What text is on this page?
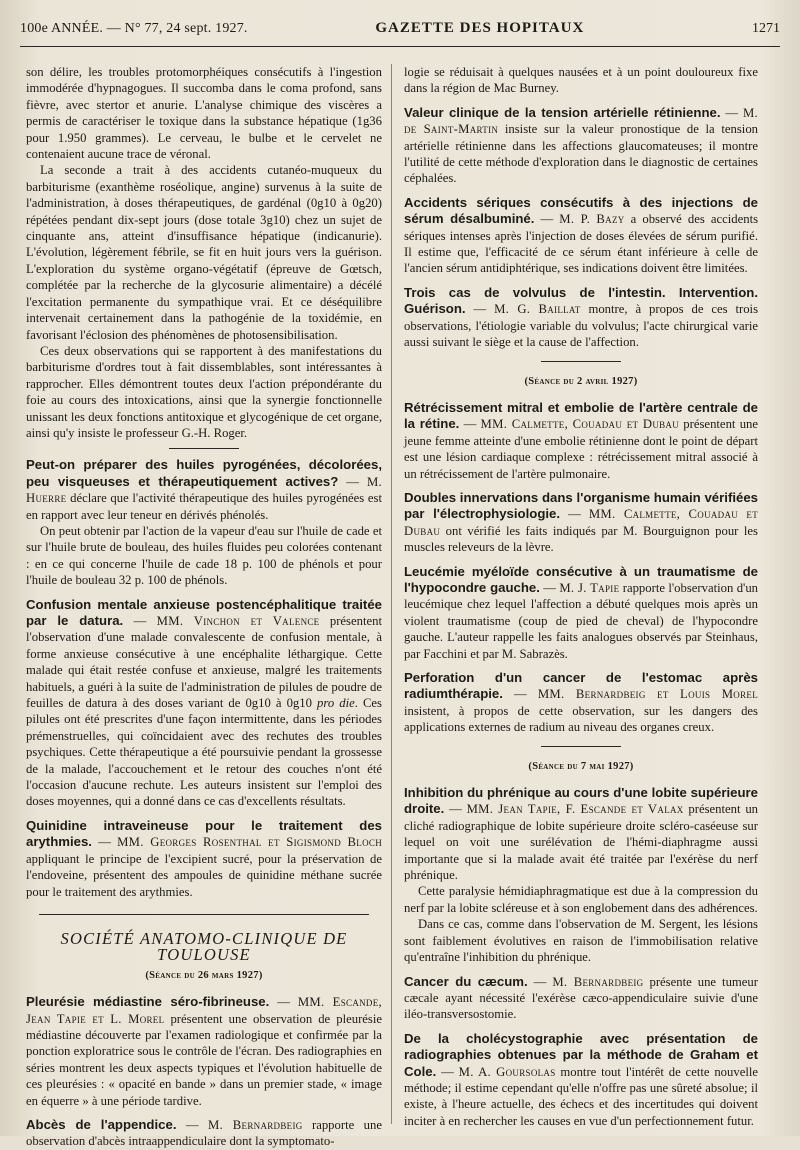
100e ANNÉE. — N° 77, 24 sept. 1927.	GAZETTE DES HOPITAUX	1271

son délire, les troubles protomorphéiques consécutifs à l'ingestion immodérée d'hypnagogues. Il succomba dans le coma profond, sans fièvre, avec stertor et anurie. L'analyse chimique des viscères a permis de caractériser le toxique dans la substance hépatique (1g36 pour 1.950 grammes). Le cerveau, le bulbe et le cervelet ne contenaient aucune trace de véronal.

La seconde a trait à des accidents cutanéo-muqueux du barbiturisme (exanthème roséolique, angine) survenus à la suite de l'administration, à doses thérapeutiques, de gardénal (0g10 à 0g20) répétées pendant dix-sept jours (dose totale 3g10) chez un sujet de cinquante ans, atteint d'insuffisance hépatique (indicanurie). L'évolution, légèrement fébrile, se fit en huit jours vers la guérison. L'exploration du système organo-végétatif (épreuve de Gœtsch, complétée par la recherche de la glycosurie alimentaire) a décélé l'excitation permanente du sympathique vrai. Et ce déséquilibre intervenait certainement dans la pathogénie de la toxidémie, en favorisant l'éclosion des phénomènes de photosensibilisation.

Ces deux observations qui se rapportent à des manifestations du barbiturisme d'ordres tout à fait dissemblables, sont intéressantes à rapprocher. Elles démontrent toutes deux l'action prépondérante du foie au cours des intoxications, ainsi que la synergie fonctionnelle unissant les deux fonctions antitoxique et glycogénique de cet organe, ainsi qu'y insiste le professeur G.-H. Roger.

Peut-on préparer des huiles pyrogénées, décolorées, peu visqueuses et thérapeutiquement actives? — M. Huerre déclare que l'activité thérapeutique des huiles pyrogénées est en rapport avec leur teneur en dérivés phénolés.

On peut obtenir par l'action de la vapeur d'eau sur l'huile de cade et sur l'huile brute de bouleau, des huiles fluides peu colorées contenant : en ce qui concerne l'huile de cade 18 p. 100 de phénols et pour l'huile de bouleau 32 p. 100 de phénols.

Confusion mentale anxieuse postencéphalitique traitée par le datura. — MM. Vinchon et Valence présentent l'observation d'une malade convalescente de confusion mentale, à forme anxieuse consécutive à une encéphalite léthargique. Cette malade qui était restée confuse et anxieuse, malgré les traitements habituels, a guéri à la suite de l'administration de pilules de poudre de feuilles de datura à des doses variant de 0g10 à 0g10 pro die. Ces pilules ont été prescrites d'une façon intermittente, dans les périodes prémenstruelles, qui coïncidaient avec des rechutes des troubles psychiques. Cette thérapeutique a été poursuivie pendant la grossesse de la malade, l'accouchement et le retour des couches n'ont été l'occasion d'aucune rechute. Les auteurs insistent sur l'emploi des doses moyennes, qui a donné dans ce cas d'excellents résultats.

Quinidine intraveineuse pour le traitement des arythmies. — MM. Georges Rosenthal et Sigismond Bloch appliquant le principe de l'excipient sucré, pour la préservation de l'endoveine, présentent des ampoules de quinidine méthane sucrée pour le traitement des arythmies.

SOCIÉTÉ ANATOMO-CLINIQUE DE TOULOUSE
(Séance du 26 mars 1927)

Pleurésie médiastine séro-fibrineuse. — MM. Escande, Jean Tapie et L. Morel présentent une observation de pleurésie médiastine découverte par l'examen radiologique et confirmée par la ponction exploratrice sous le contrôle de l'écran. Des radiographies en séries montrent les deux aspects typiques et l'évolution habituelle de ces pleurésies : « opacité en bande » dans un premier stade, « image en équerre » à une période tardive.

Abcès de l'appendice. — M. Bernardbeig rapporte une observation d'abcès intraappendiculaire dont la symptomato-

logie se réduisait à quelques nausées et à un point douloureux fixe dans la région de Mac Burney.

Valeur clinique de la tension artérielle rétinienne. — M. de Saint-Martin insiste sur la valeur pronostique de la tension artérielle rétinienne dans les affections glaucomateuses; il montre l'utilité de cette méthode d'exploration dans le diagnostic de certaines céphalées.

Accidents sériques consécutifs à des injections de sérum désalbuminé. — M. P. Bazy a observé des accidents sériques intenses après l'injection de doses élevées de sérum purifié. Il estime que, l'efficacité de ce sérum étant inférieure à celle de l'ancien sérum antidiphtérique, ses indications doivent être limitées.

Trois cas de volvulus de l'intestin. Intervention. Guérison. — M. G. Baillat montre, à propos de ces trois observations, l'étiologie variable du volvulus; l'acte chirurgical varie aussi suivant le siège et la cause de l'affection.

(Séance du 2 avril 1927)

Rétrécissement mitral et embolie de l'artère centrale de la rétine. — MM. Calmette, Couadau et Dubau présentent une jeune femme atteinte d'une embolie rétinienne dont le point de départ est une lésion cardiaque complexe : rétrécissement mitral associé à un rétrécissement de l'artère pulmonaire.

Doubles innervations dans l'organisme humain vérifiées par l'électrophysiologie. — MM. Calmette, Couadau et Dubau ont vérifié les faits indiqués par M. Bourguignon pour les muscles releveurs de la lèvre.

Leucémie myéloïde consécutive à un traumatisme de l'hypocondre gauche. — M. J. Tapie rapporte l'observation d'un leucémique chez lequel l'affection a débuté quelques mois après un violent traumatisme (coup de pied de cheval) de l'hypocondre gauche. L'auteur rappelle les faits analogues observés par Steinhaus, par Facchini et par M. Sabrazès.

Perforation d'un cancer de l'estomac après radiumthérapie. — MM. Bernardbeig et Louis Morel insistent, à propos de cette observation, sur les dangers des applications externes de radium au niveau des organes creux.

(Séance du 7 mai 1927)

Inhibition du phrénique au cours d'une lobite supérieure droite. — MM. Jean Tapie, F. Escande et Valax présentent un cliché radiographique de lobite supérieure droite scléro-caséeuse sur lequel on voit une surélévation de l'hémi-diaphragme aussi importante que si la malade avait été traitée par l'exérèse du nerf phrénique.

Cette paralysie hémidiaphragmatique est due à la compression du nerf par la lobite scléreuse et à son englobement dans des adhérences.

Dans ce cas, comme dans l'observation de M. Sergent, les lésions sont faiblement évolutives en raison de l'immobilisation relative qu'entraîne l'inhibition du phrénique.

Cancer du cæcum. — M. Bernardbeig présente une tumeur cæcale ayant nécessité l'exérèse cæco-appendiculaire suivie d'une iléo-transversostomie.

De la cholécystographie avec présentation de radiographies obtenues par la méthode de Graham et Cole. — M. A. Goursolas montre tout l'intérêt de cette nouvelle méthode; il estime cependant qu'elle n'offre pas une sûreté absolue; il existe, à l'heure actuelle, des échecs et des incertitudes qui doivent inciter à en rechercher les causes en vue d'un perfectionnement futur.
